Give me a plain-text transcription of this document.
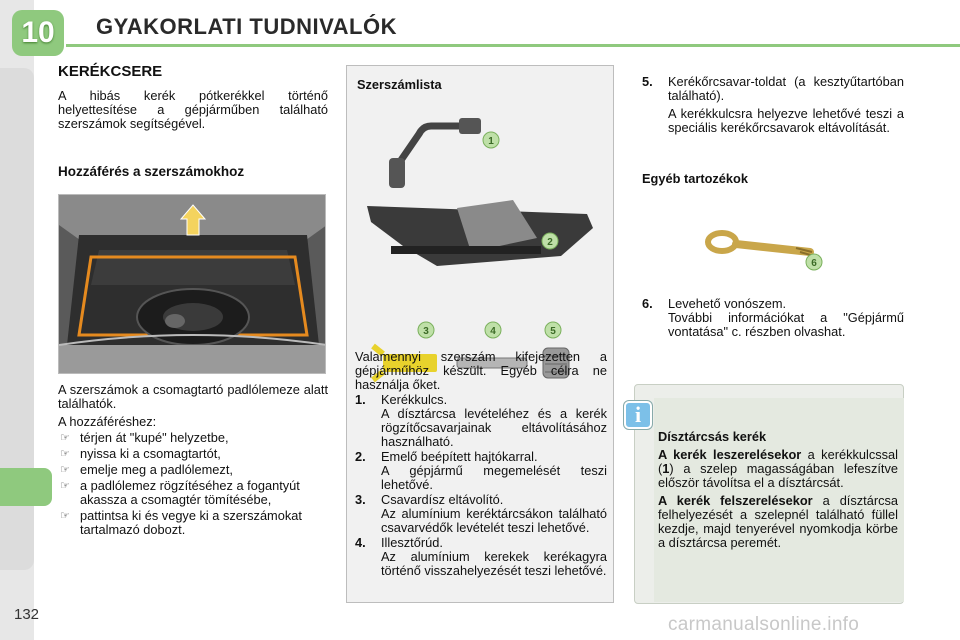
10	GYAKORLATI TUDNIVALÓK
KERÉKCSERE

A hibás kerék pótkerékkel történő helyettesítése a gépjárműben található szerszámok segítségével.

Hozzáférés a szerszámokhoz

A szerszámok a csomagtartó padlólemeze alatt találhatók.

A hozzáféréshez:

☞ térjen át "kupé" helyzetbe,
☞ nyissa ki a csomagtartót,
☞ emelje meg a padlólemezt,
☞ a padlólemez rögzítéséhez a fogantyút akassza a csomagtér tömítésébe,
☞ pattintsa ki és vegye ki a szerszámokat tartalmazó dobozt.
Szerszámlista
1
2
3	4	5

Valamennyi szerszám kifejezetten a gépjárműhöz készült. Egyéb célra ne használja őket.

1. Kerékkulcs.
A dísztárcsa levételéhez és a kerék rögzítőcsavarjainak eltávolításához használható.
2. Emelő beépített hajtókarral.
A gépjármű megemelését teszi lehetővé.
3. Csavardísz eltávolító.
Az alumínium keréktárcsákon található csavarvédők levételét teszi lehetővé.
4. Illesztőrúd.
Az alumínium kerekek kerékagyra történő visszahelyezését teszi lehetővé.
5. Kerékőrcsavar-toldat (a kesztyűtartóban található).
A kerékkulcsra helyezve lehetővé teszi a speciális kerékőrcsavarok eltávolítását.
Egyéb tartozékok
6
6. Levehető vonószem.
További információkat a "Gépjármű vontatása" c. részben olvashat.
i
Dísztárcsás kerék

A kerék leszerelésekor a kerékkulcssal (1) a szelep magasságában lefeszítve először távolítsa el a dísztárcsát.

A kerék felszerelésekor a dísztárcsa felhelyezését a szelepnél található füllel kezdje, majd tenyerével nyomkodja körbe a dísztárcsa peremét.

132	carmanualsonline.info
